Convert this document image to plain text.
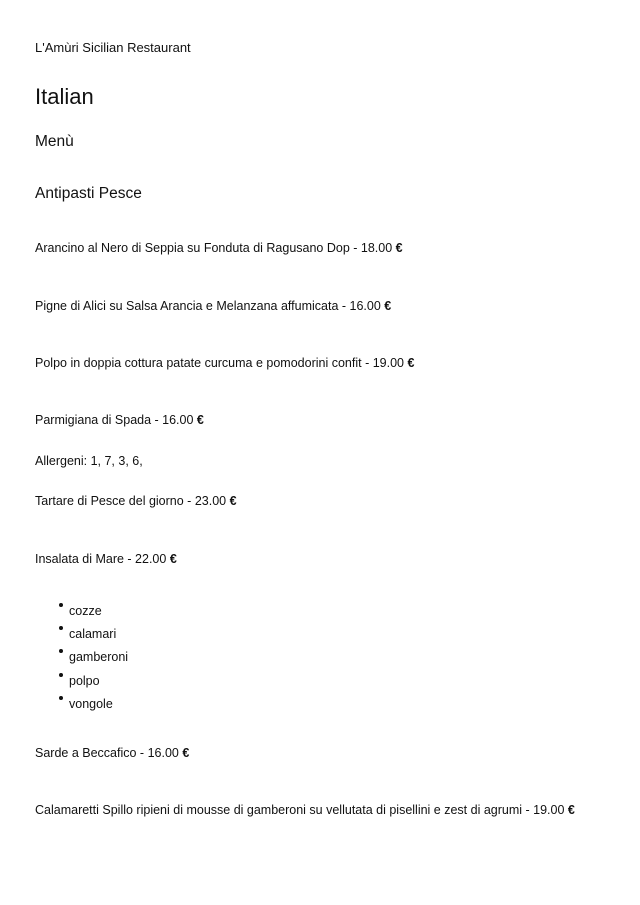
L'Amùri Sicilian Restaurant

Italian
Menù
Antipasti Pesce

Arancino al Nero di Seppia su Fonduta di Ragusano Dop - 18.00 €

Pigne di Alici su Salsa Arancia e Melanzana affumicata - 16.00 €

Polpo in doppia cottura patate curcuma e pomodorini confit - 19.00 €

Parmigiana di Spada - 16.00 €

Allergeni: 1, 7, 3, 6,

Tartare di Pesce del giorno - 23.00 €

Insalata di Mare - 22.00 €

cozze
calamari
gamberoni
polpo
vongole

Sarde a Beccafico - 16.00 €

Calamaretti Spillo ripieni di mousse di gamberoni su vellutata di pisellini e zest di agrumi - 19.00 €
